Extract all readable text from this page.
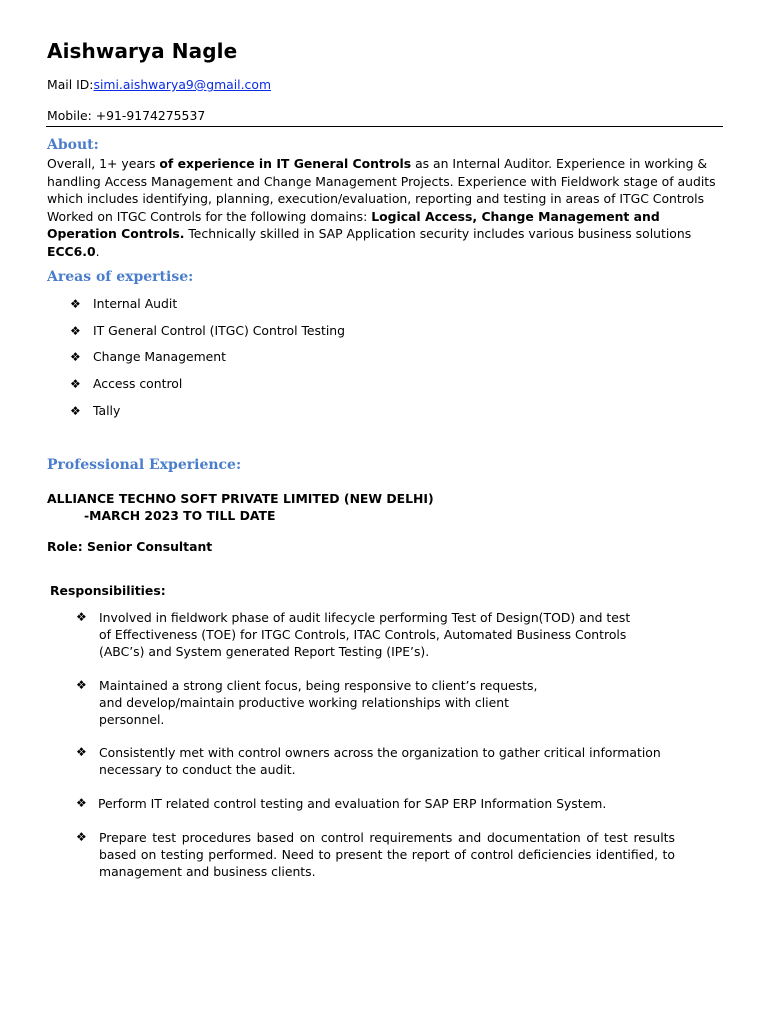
Aishwarya Nagle
Mail ID:simi.aishwarya9@gmail.com
Mobile: +91-9174275537
About:
Overall, 1+ years of experience in IT General Controls as an Internal Auditor. Experience in working & handling Access Management and Change Management Projects. Experience with Fieldwork stage of audits which includes identifying, planning, execution/evaluation, reporting and testing in areas of ITGC Controls Worked on ITGC Controls for the following domains: Logical Access, Change Management and Operation Controls. Technically skilled in SAP Application security includes various business solutions ECC6.0.
Areas of expertise:
❖ Internal Audit
❖ IT General Control (ITGC) Control Testing
❖ Change Management
❖ Access control
❖ Tally
Professional Experience:
ALLIANCE TECHNO SOFT PRIVATE LIMITED (NEW DELHI)
-MARCH 2023 TO TILL DATE
Role: Senior Consultant
Responsibilities:
❖ Involved in fieldwork phase of audit lifecycle performing Test of Design(TOD) and test
of Effectiveness (TOE) for ITGC Controls, ITAC Controls, Automated Business Controls
(ABC’s) and System generated Report Testing (IPE’s).
❖ Maintained a strong client focus, being responsive to client’s requests,
and develop/maintain productive working relationships with client
personnel.
❖ Consistently met with control owners across the organization to gather critical information
necessary to conduct the audit.
❖ Perform IT related control testing and evaluation for SAP ERP Information System.
❖ Prepare test procedures based on control requirements and documentation of test results based on testing performed. Need to present the report of control deficiencies identified, to management and business clients.
